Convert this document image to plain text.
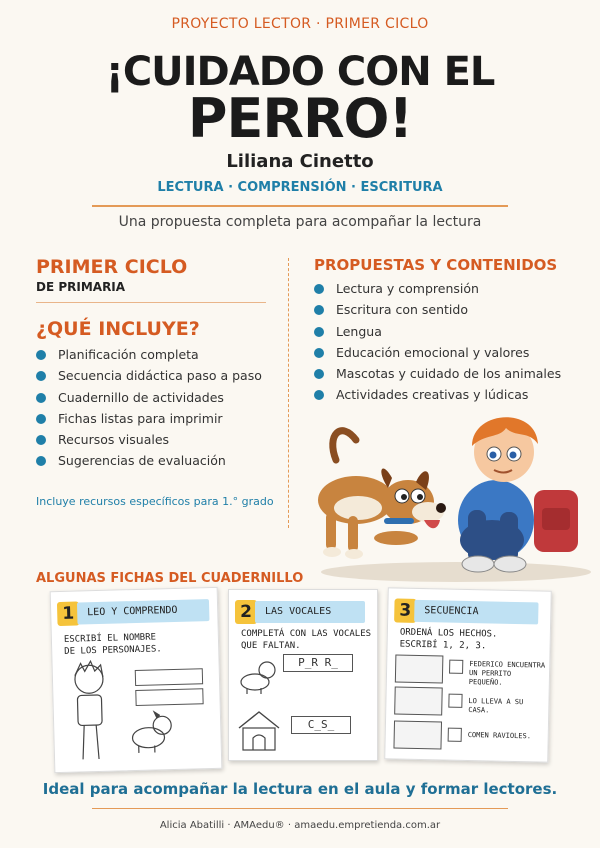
PROYECTO LECTOR · PRIMER CICLO
¡CUIDADO CON EL
PERRO!
Liliana Cinetto
LECTURA · COMPRENSIÓN · ESCRITURA
Una propuesta completa para acompañar la lectura
PRIMER CICLO
DE PRIMARIA
¿QUÉ INCLUYE?
Planificación completa
Secuencia didáctica paso a paso
Cuadernillo de actividades
Fichas listas para imprimir
Recursos visuales
Sugerencias de evaluación
Incluye recursos específicos para 1.° grado
PROPUESTAS Y CONTENIDOS
Lectura y comprensión
Escritura con sentido
Lengua
Educación emocional y valores
Mascotas y cuidado de los animales
Actividades creativas y lúdicas
ALGUNAS FICHAS DEL CUADERNILLO
1	LEO Y COMPRENDO
ESCRIBÍ EL NOMBRE
DE LOS PERSONAJES.
2	LAS VOCALES
COMPLETÁ CON LAS VOCALES
QUE FALTAN.
P_R R_
C_S_
3	SECUENCIA
ORDENÁ LOS HECHOS.
ESCRIBÍ 1, 2, 3.
FEDERICO ENCUENTRA
UN PERRITO PEQUEÑO.
LO LLEVA A SU CASA.
COMEN RAVIOLES.
Ideal para acompañar la lectura en el aula y formar lectores.
Alicia Abatilli · AMAedu® · amaedu.empretienda.com.ar
